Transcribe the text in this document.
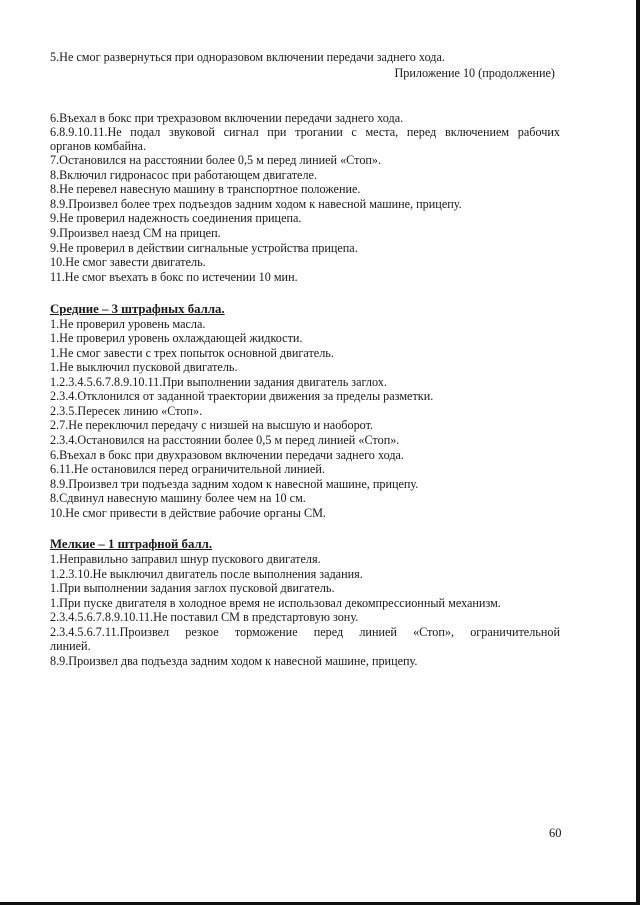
5.Не смог развернуться при одноразовом включении передачи заднего хода.
Приложение 10 (продолжение)
6.Въехал в бокс при трехразовом включении передачи заднего хода.
6.8.9.10.11.Не подал звуковой сигнал при трогании с места, перед включением рабочих
органов комбайна.
7.Остановился на расстоянии более 0,5 м перед линией «Стоп».
8.Включил гидронасос при работающем двигателе.
8.Не перевел навесную машину в транспортное положение.
8.9.Произвел более трех подъездов задним ходом к навесной машине, прицепу.
9.Не проверил надежность соединения прицепа.
9.Произвел наезд СМ на прицеп.
9.Не проверил в действии сигнальные устройства прицепа.
10.Не смог завести двигатель.
11.Не смог въехать в бокс по истечении 10 мин.
Средние – 3 штрафных балла.
1.Не проверил уровень масла.
1.Не проверил уровень охлаждающей жидкости.
1.Не смог завести с трех попыток основной двигатель.
1.Не выключил пусковой двигатель.
1.2.3.4.5.6.7.8.9.10.11.При выполнении задания двигатель заглох.
2.3.4.Отклонился от заданной траектории движения за пределы разметки.
2.3.5.Пересек линию «Стоп».
2.7.Не переключил передачу с низшей на высшую и наоборот.
2.3.4.Остановился на расстоянии более 0,5 м перед линией «Стоп».
6.Въехал в бокс при двухразовом включении передачи заднего хода.
6.11.Не остановился перед ограничительной линией.
8.9.Произвел три подъезда задним ходом к навесной машине, прицепу.
8.Сдвинул навесную машину более чем на 10 см.
10.Не смог привести в действие рабочие органы СМ.
Мелкие – 1 штрафной балл.
1.Неправильно заправил шнур пускового двигателя.
1.2.3.10.Не выключил двигатель после выполнения задания.
1.При выполнении задания заглох пусковой двигатель.
1.При пуске двигателя в холодное время не использовал декомпрессионный механизм.
2.3.4.5.6.7.8.9.10.11.Не поставил СМ в предстартовую зону.
2.3.4.5.6.7.11.Произвел резкое торможение перед линией «Стоп», ограничительной
линией.
8.9.Произвел два подъезда задним ходом к навесной машине, прицепу.
60
